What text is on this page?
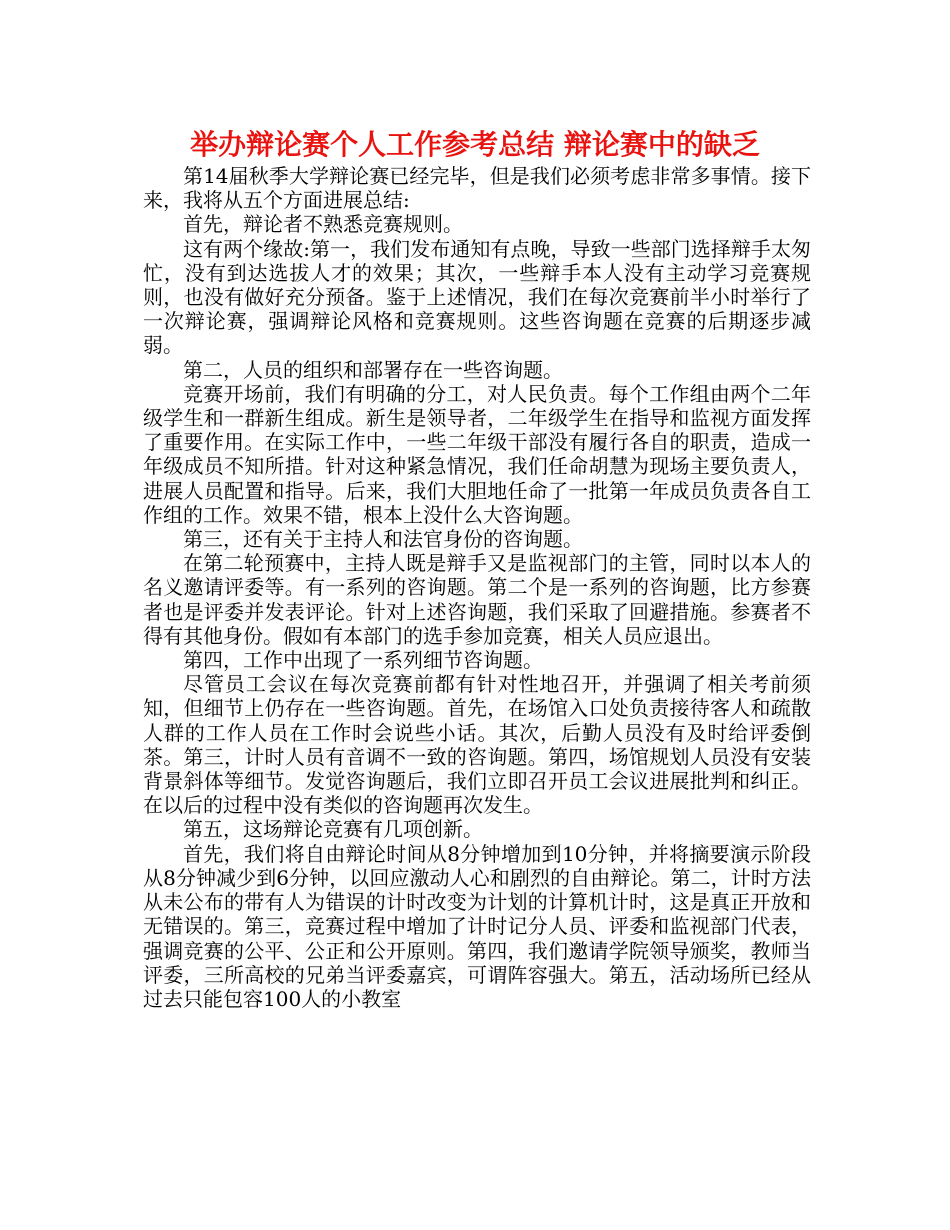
举办辩论赛个人工作参考总结 辩论赛中的缺乏

第14届秋季大学辩论赛已经完毕，但是我们必须考虑非常多事情。接下来，我将从五个方面进展总结:

首先，辩论者不熟悉竞赛规则。

这有两个缘故:第一，我们发布通知有点晚，导致一些部门选择辩手太匆忙，没有到达选拔人才的效果；其次，一些辩手本人没有主动学习竞赛规则，也没有做好充分预备。鉴于上述情况，我们在每次竞赛前半小时举行了一次辩论赛，强调辩论风格和竞赛规则。这些咨询题在竞赛的后期逐步减弱。

第二，人员的组织和部署存在一些咨询题。

竞赛开场前，我们有明确的分工，对人民负责。每个工作组由两个二年级学生和一群新生组成。新生是领导者，二年级学生在指导和监视方面发挥了重要作用。在实际工作中，一些二年级干部没有履行各自的职责，造成一年级成员不知所措。针对这种紧急情况，我们任命胡慧为现场主要负责人，进展人员配置和指导。后来，我们大胆地任命了一批第一年成员负责各自工作组的工作。效果不错，根本上没什么大咨询题。

第三，还有关于主持人和法官身份的咨询题。

在第二轮预赛中，主持人既是辩手又是监视部门的主管，同时以本人的名义邀请评委等。有一系列的咨询题。第二个是一系列的咨询题，比方参赛者也是评委并发表评论。针对上述咨询题，我们采取了回避措施。参赛者不得有其他身份。假如有本部门的选手参加竞赛，相关人员应退出。

第四，工作中出现了一系列细节咨询题。

尽管员工会议在每次竞赛前都有针对性地召开，并强调了相关考前须知，但细节上仍存在一些咨询题。首先，在场馆入口处负责接待客人和疏散人群的工作人员在工作时会说些小话。其次，后勤人员没有及时给评委倒茶。第三，计时人员有音调不一致的咨询题。第四，场馆规划人员没有安装背景斜体等细节。发觉咨询题后，我们立即召开员工会议进展批判和纠正。在以后的过程中没有类似的咨询题再次发生。

第五，这场辩论竞赛有几项创新。

首先，我们将自由辩论时间从8分钟增加到10分钟，并将摘要演示阶段从8分钟减少到6分钟，以回应激动人心和剧烈的自由辩论。第二，计时方法从未公布的带有人为错误的计时改变为计划的计算机计时，这是真正开放和无错误的。第三，竞赛过程中增加了计时记分人员、评委和监视部门代表，强调竞赛的公平、公正和公开原则。第四，我们邀请学院领导颁奖，教师当评委，三所高校的兄弟当评委嘉宾，可谓阵容强大。第五，活动场所已经从过去只能包容100人的小教室
